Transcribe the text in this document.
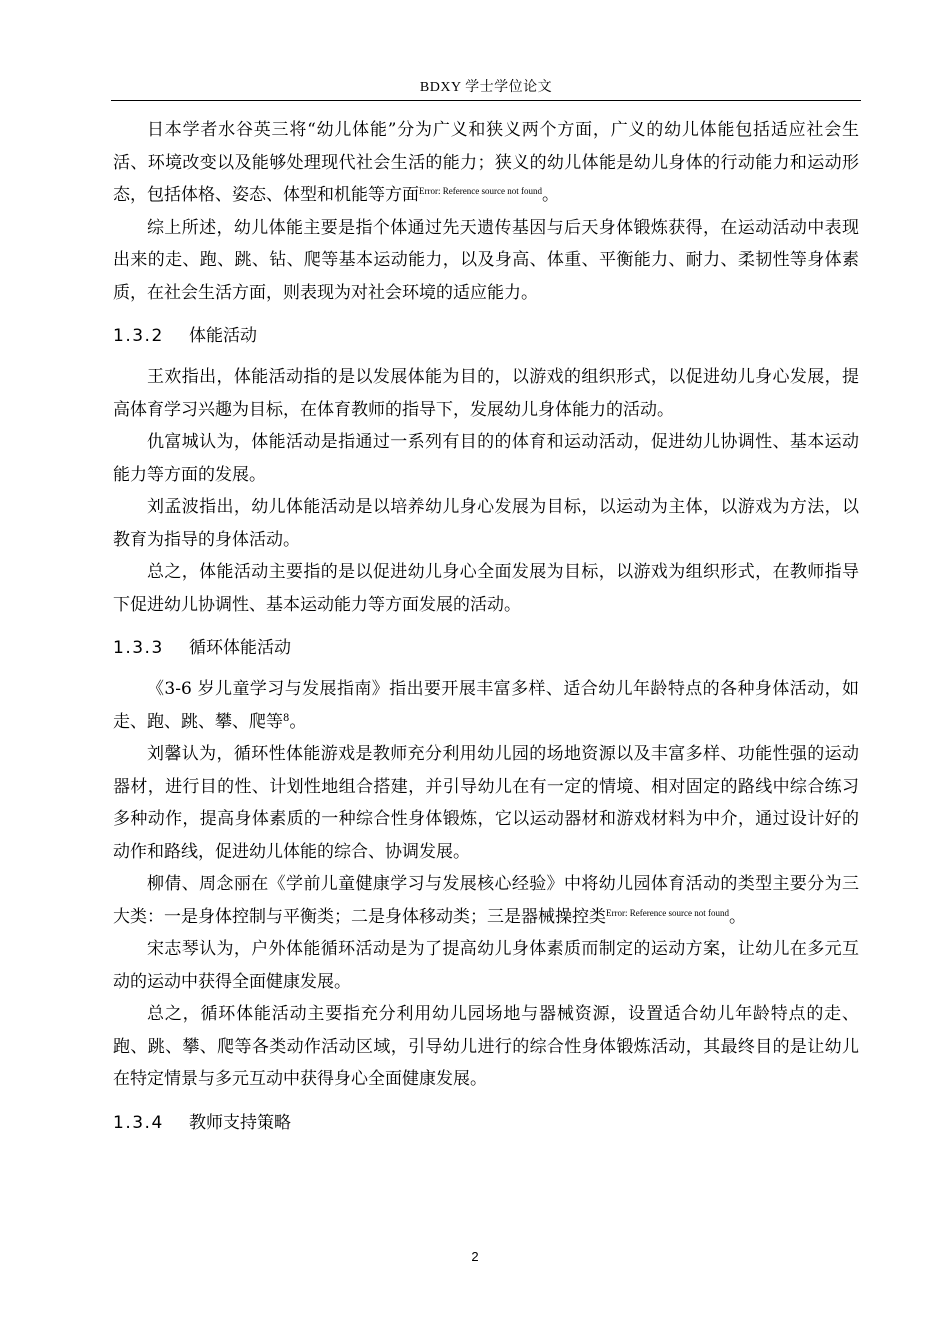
BDXY 学士学位论文

日本学者水谷英三将“幼儿体能”分为广义和狭义两个方面，广义的幼儿体能包括适应社会生活、环境改变以及能够处理现代社会生活的能力；狭义的幼儿体能是幼儿身体的行动能力和运动形态，包括体格、姿态、体型和机能等方面$^{Error: Reference source not found}$。

综上所述，幼儿体能主要是指个体通过先天遗传基因与后天身体锻炼获得，在运动活动中表现出来的走、跑、跳、钻、爬等基本运动能力，以及身高、体重、平衡能力、耐力、柔韧性等身体素质，在社会生活方面，则表现为对社会环境的适应能力。

1.3.2 体能活动

王欢指出，体能活动指的是以发展体能为目的，以游戏的组织形式，以促进幼儿身心发展，提高体育学习兴趣为目标，在体育教师的指导下，发展幼儿身体能力的活动。

仇富城认为，体能活动是指通过一系列有目的的体育和运动活动，促进幼儿协调性、基本运动能力等方面的发展。

刘孟波指出，幼儿体能活动是以培养幼儿身心发展为目标，以运动为主体，以游戏为方法，以教育为指导的身体活动。

总之，体能活动主要指的是以促进幼儿身心全面发展为目标，以游戏为组织形式，在教师指导下促进幼儿协调性、基本运动能力等方面发展的活动。

1.3.3 循环体能活动

《3-6 岁儿童学习与发展指南》指出要开展丰富多样、适合幼儿年龄特点的各种身体活动，如走、跑、跳、攀、爬等$^8$。

刘馨认为，循环性体能游戏是教师充分利用幼儿园的场地资源以及丰富多样、功能性强的运动器材，进行目的性、计划性地组合搭建，并引导幼儿在有一定的情境、相对固定的路线中综合练习多种动作，提高身体素质的一种综合性身体锻炼，它以运动器材和游戏材料为中介，通过设计好的动作和路线，促进幼儿体能的综合、协调发展。

柳倩、周念丽在《学前儿童健康学习与发展核心经验》中将幼儿园体育活动的类型主要分为三大类：一是身体控制与平衡类；二是身体移动类；三是器械操控类$^{Error: Reference source not found}$。

宋志琴认为，户外体能循环活动是为了提高幼儿身体素质而制定的运动方案，让幼儿在多元互动的运动中获得全面健康发展。

总之，循环体能活动主要指充分利用幼儿园场地与器械资源，设置适合幼儿年龄特点的走、跑、跳、攀、爬等各类动作活动区域，引导幼儿进行的综合性身体锻炼活动，其最终目的是让幼儿在特定情景与多元互动中获得身心全面健康发展。

1.3.4 教师支持策略
2
